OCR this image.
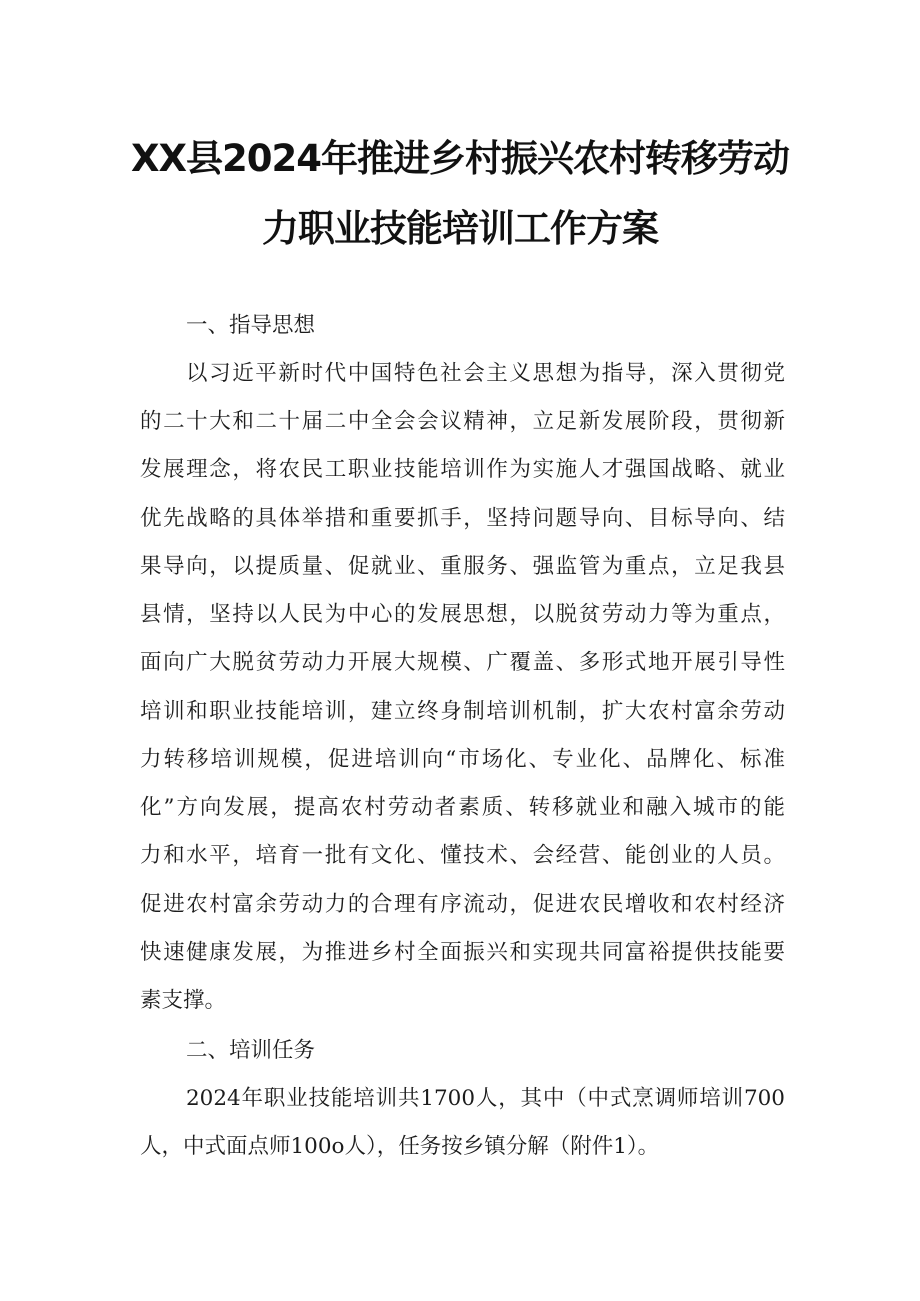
XX县2024年推进乡村振兴农村转移劳动
力职业技能培训工作方案
一、指导思想
以习近平新时代中国特色社会主义思想为指导，深入贯彻党
的二十大和二十届二中全会会议精神，立足新发展阶段，贯彻新
发展理念，将农民工职业技能培训作为实施人才强国战略、就业
优先战略的具体举措和重要抓手，坚持问题导向、目标导向、结
果导向，以提质量、促就业、重服务、强监管为重点，立足我县
县情，坚持以人民为中心的发展思想，以脱贫劳动力等为重点，
面向广大脱贫劳动力开展大规模、广覆盖、多形式地开展引导性
培训和职业技能培训，建立终身制培训机制，扩大农村富余劳动
力转移培训规模，促进培训向“市场化、专业化、品牌化、标准
化”方向发展，提高农村劳动者素质、转移就业和融入城市的能
力和水平，培育一批有文化、懂技术、会经营、能创业的人员。
促进农村富余劳动力的合理有序流动，促进农民增收和农村经济
快速健康发展，为推进乡村全面振兴和实现共同富裕提供技能要
素支撑。
二、培训任务
2024年职业技能培训共1700人，其中（中式烹调师培训700
人，中式面点师100o人），任务按乡镇分解（附件1）。
